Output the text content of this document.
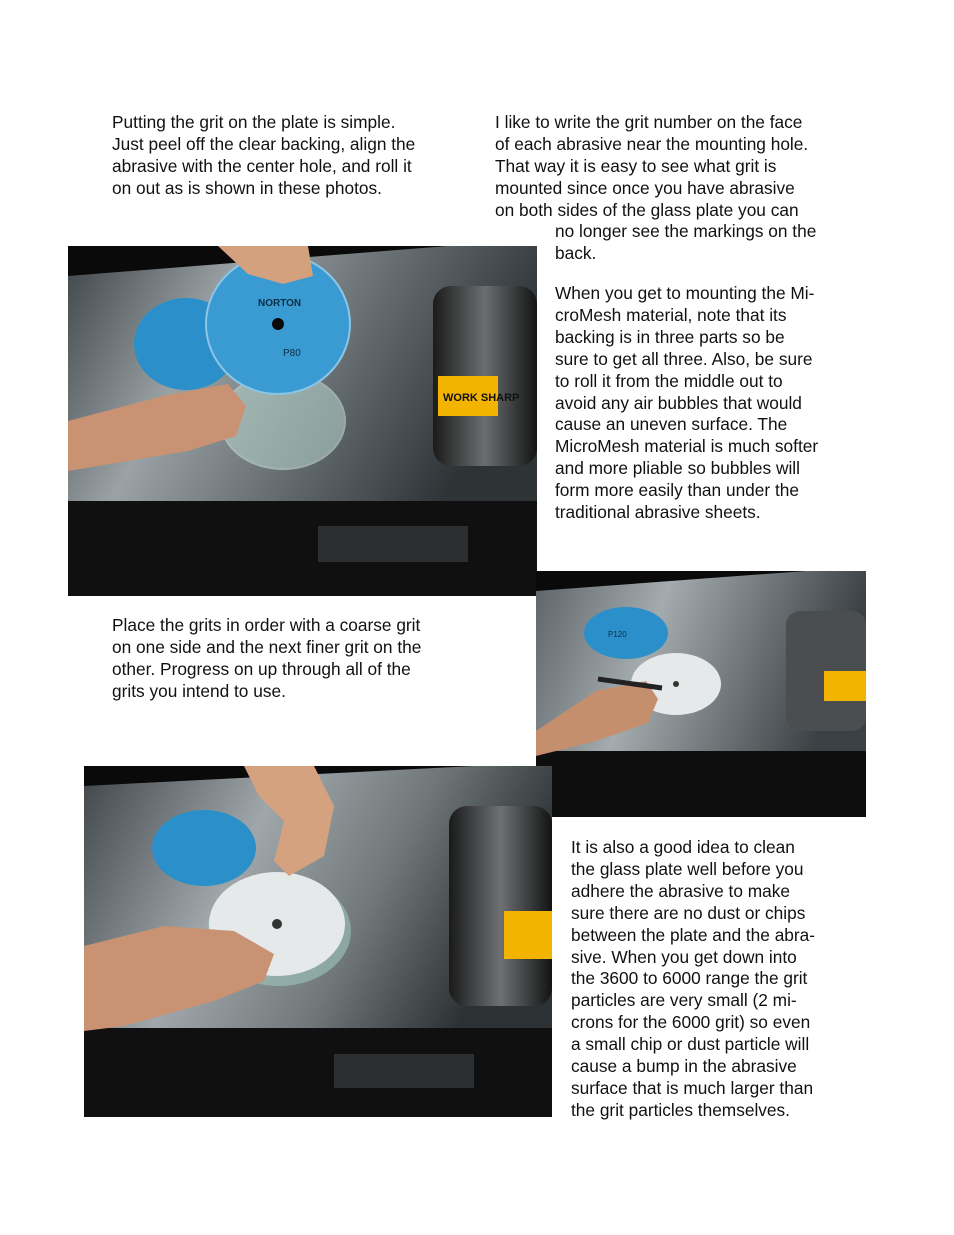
Putting the grit on the plate is simple.
Just peel off the clear backing, align the
abrasive with the center hole, and roll it
on out as is shown in these photos.

I like to write the grit number on the face
of each abrasive near the mounting hole.
That way it is easy to see what grit is
mounted since once you have abrasive
on both sides of the glass plate you can

no longer see the markings on the
back.

When you get to mounting the Mi-
croMesh material, note that its
backing is in three parts so be
sure to get all three. Also, be sure
to roll it from the middle out to
avoid any air bubbles that would
cause an uneven surface. The
MicroMesh material is much softer
and more pliable so bubbles will
form more easily than under the
traditional abrasive sheets.

Place the grits in order with a coarse grit
on one side and the next finer grit on the
other. Progress on up through all of the
grits you intend to use.

It is also a good idea to clean
the glass plate well before you
adhere the abrasive to make
sure there are no dust or chips
between the plate and the abra-
sive. When you get down into
the 3600 to 6000 range the grit
particles are very small (2 mi-
crons for the 6000 grit) so even
a small chip or dust particle will
cause a bump in the abrasive
surface that is much larger than
the grit particles themselves.

WORK SHARP
NORTON
P80
P120
